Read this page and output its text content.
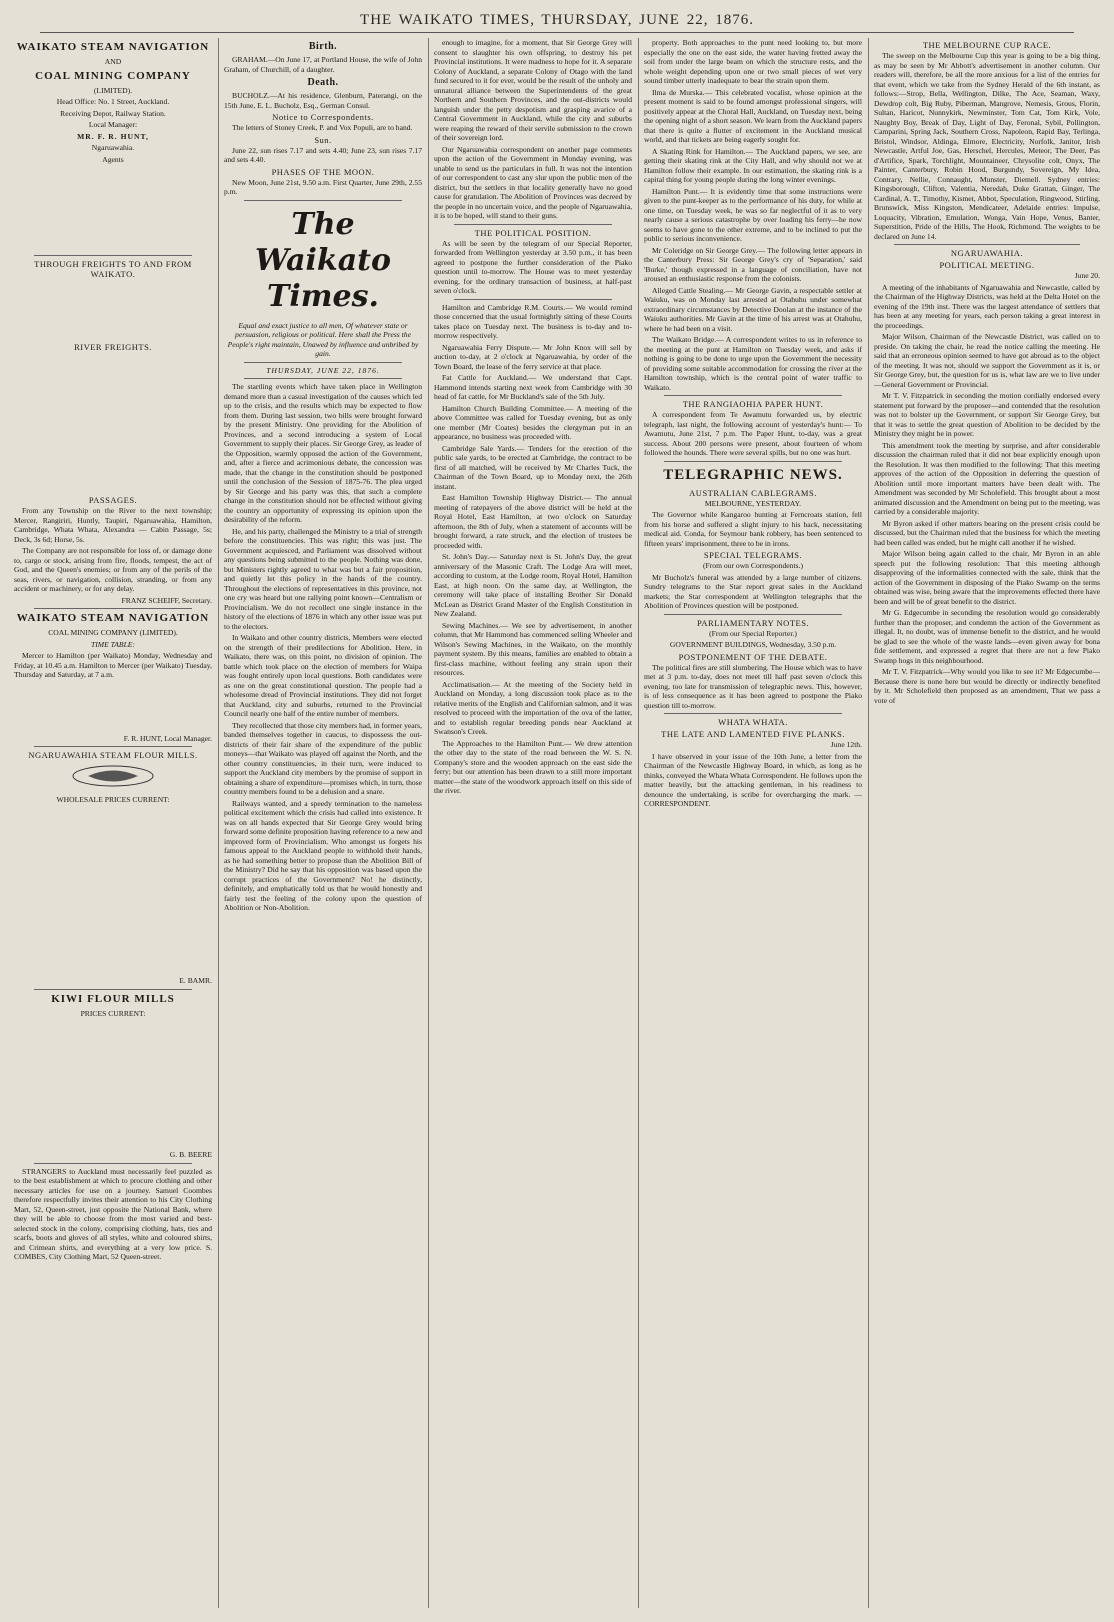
THE WAIKATO TIMES, THURSDAY, JUNE 22, 1876.
WAIKATO STEAM NAVIGATION

AND

COAL MINING COMPANY

(LIMITED).

Head Office: No. 1 Street, Auckland.

Receiving Depot, Railway Station.

Local Manager:

MR. F. R. HUNT,

Ngaruawahia.

Agents

THROUGH FREIGHTS TO AND FROM WAIKATO.
RIVER FREIGHTS.
PASSAGES.

From any Township on the River to the next township; Mercer, Rangiriri, Huntly, Taupiri, Ngaruawahia, Hamilton, Cambridge, Whata Whata, Alexandra — Cabin Passage, 5s; Deck, 3s 6d; Horse, 5s.

The Company are not responsible for loss of, or damage done to, cargo or stock, arising from fire, floods, tempest, the act of God, and the Queen's enemies; or from any of the perils of the seas, rivers, or navigation, collision, stranding, or from any accident or machinery, or for any delay.

FRANZ SCHEIFF, Secretary.

WAIKATO STEAM NAVIGATION

COAL MINING COMPANY (LIMITED).

TIME TABLE:

Mercer to Hamilton (per Waikato) Monday, Wednesday and Friday, at 10.45 a.m. Hamilton to Mercer (per Waikato) Tuesday, Thursday and Saturday, at 7 a.m.

F. R. HUNT, Local Manager.

NGARUAWAHIA STEAM FLOUR MILLS.

WHOLESALE PRICES CURRENT:

E. BAMR.

KIWI FLOUR MILLS

PRICES CURRENT:

G. B. BEERE

STRANGERS to Auckland must necessarily feel puzzled as to the best establishment at which to procure clothing and other necessary articles for use on a journey. Samuel Coombes therefore respectfully invites their attention to his City Clothing Mart, 52, Queen-street, just opposite the National Bank, where they will be able to choose from the most varied and best-selected stock in the colony, comprising clothing, hats, ties and scarfs, boots and gloves of all styles, white and coloured shirts, and Crimean shirts, and everything at a very low price. S. COMBES, City Clothing Mart, 52 Queen-street.

Birth.

GRAHAM.—On June 17, at Portland House, the wife of John Graham, of Churchill, of a daughter.

Death.

BUCHOLZ.—At his residence, Glenburn, Paterangi, on the 15th June, E. L. Bucholz, Esq., German Consul.

Notice to Correspondents.

The letters of Stoney Creek, P. and Vox Populi, are to hand.

Sun.

June 22, sun rises 7.17 and sets 4.40; June 23, sun rises 7.17 and sets 4.40.

PHASES OF THE MOON.

New Moon, June 21st, 9.50 a.m. First Quarter, June 29th, 2.55 p.m.

The Waikato Times.

Equal and exact justice to all men, Of whatever state or persuasion, religious or political. Here shall the Press the People's right maintain, Unawed by influence and unbribed by gain.

THURSDAY, JUNE 22, 1876.

The startling events which have taken place in Wellington demand more than a casual investigation of the causes which led up to the crisis, and the results which may be expected to flow from them. During last session, two bills were brought forward by the present Ministry. One providing for the Abolition of Provinces, and a second introducing a system of Local Government to supply their places. Sir George Grey, as leader of the Opposition, warmly opposed the action of the Government, and, after a fierce and acrimonious debate, the concession was made, that the change in the constitution should be postponed until the conclusion of the Session of 1875-76. The plea urged by Sir George and his party was this, that such a complete change in the constitution should not be effected without giving the country an opportunity of expressing its opinion upon the desirability of the reform.

He, and his party, challenged the Ministry to a trial of strength before the constituencies. This was right; this was just. The Government acquiesced, and Parliament was dissolved without any questions being submitted to the people. Nothing was done, but Ministers rightly agreed to what was but a fair proposition, and quietly let this policy in the hands of the country. Throughout the elections of representatives in this province, not one cry was heard but one rallying point known—Centralism or Provincialism. We do not recollect one single instance in the history of the elections of 1876 in which any other issue was put to the electors.

In Waikato and other country districts, Members were elected on the strength of their predilections for Abolition. Here, in Waikato, there was, on this point, no division of opinion. The battle which took place on the election of members for Waipa was fought entirely upon local questions. Both candidates were as one on the great constitutional question. The people had a wholesome dread of Provincial institutions. They did not forget that Auckland, city and suburbs, returned to the Provincial Council nearly one half of the entire number of members.

They recollected that those city members had, in former years, banded themselves together in caucus, to dispossess the out-districts of their fair share of the expenditure of the public moneys—that Waikato was played off against the North, and the other country constituencies, in their turn, were induced to support the Auckland city members by the promise of support in obtaining a share of expenditure—promises which, in turn, those country members found to be a delusion and a snare.

Railways wanted, and a speedy termination to the nameless political excitement which the crisis had called into existence. It was on all hands expected that Sir George Grey would bring forward some definite proposition having reference to a new and improved form of Provincialism. Who amongst us forgets his famous appeal to the Auckland people to withhold their hands, as he had something better to propose than the Abolition Bill of the Ministry? Did he say that his opposition was based upon the corrupt practices of the Government? No! he distinctly, definitely, and emphatically told us that he would honestly and fairly test the feeling of the colony upon the question of Abolition or Non-Abolition.

enough to imagine, for a moment, that Sir George Grey will consent to slaughter his own offspring, to destroy his pet Provincial institutions. It were madness to hope for it. A separate Colony of Auckland, a separate Colony of Otago with the land fund secured to it for ever, would be the result of the unholy and unnatural alliance between the Superintendents of the great Northern and Southern Provinces, and the out-districts would languish under the petty despotism and grasping avarice of a Central Government in Auckland, while the city and suburbs were reaping the reward of their servile submission to the crown of their sovereign lord.

Our Ngaruawahia correspondent on another page comments upon the action of the Government in Monday evening, was unable to send us the particulars in full. It was not the intention of our correspondent to cast any slur upon the public men of the district, but the settlers in that locality generally have no good cause for gratulation. The Abolition of Provinces was decreed by the people in no uncertain voice, and the people of Ngaruawahia, it is to be hoped, will stand to their guns.

THE POLITICAL POSITION.

As will be seen by the telegram of our Special Reporter, forwarded from Wellington yesterday at 3.50 p.m., it has been agreed to postpone the further consideration of the Piako question until to-morrow. The House was to meet yesterday evening, for the ordinary transaction of business, at half-past seven o'clock.

Hamilton and Cambridge R.M. Courts.— We would remind those concerned that the usual fortnightly sitting of these Courts takes place on Tuesday next. The business is to-day and to-morrow respectively.

Ngaruawahia Ferry Dispute.— Mr John Knox will sell by auction to-day, at 2 o'clock at Ngaruawahia, by order of the Town Board, the lease of the ferry service at that place.

Fat Cattle for Auckland.— We understand that Capt. Hammond intends starting next week from Cambridge with 30 head of fat cattle, for Mr Buckland's sale of the 5th July.

Hamilton Church Building Committee.— A meeting of the above Committee was called for Tuesday evening, but as only one member (Mr Coates) besides the clergyman put in an appearance, no business was proceeded with.

Cambridge Sale Yards.— Tenders for the erection of the public sale yards, to be erected at Cambridge, the contract to be first of all matched, will be received by Mr Charles Tuck, the Chairman of the Town Board, up to Monday next, the 26th instant.

East Hamilton Township Highway District.— The annual meeting of ratepayers of the above district will be held at the Royal Hotel, East Hamilton, at two o'clock on Saturday afternoon, the 8th of July, when a statement of accounts will be brought forward, a rate struck, and the election of trustees be proceeded with.

St. John's Day.— Saturday next is St. John's Day, the great anniversary of the Masonic Craft. The Lodge Ara will meet, according to custom, at the Lodge room, Royal Hotel, Hamilton East, at high noon. On the same day, at Wellington, the ceremony will take place of installing Brother Sir Donald McLean as District Grand Master of the English Constitution in New Zealand.

Sewing Machines.— We see by advertisement, in another column, that Mr Hammond has commenced selling Wheeler and Wilson's Sewing Machines, in the Waikato, on the monthly payment system. By this means, families are enabled to obtain a first-class machine, without feeling any strain upon their resources.

Acclimatisation.— At the meeting of the Society held in Auckland on Monday, a long discussion took place as to the relative merits of the English and Californian salmon, and it was resolved to proceed with the importation of the ova of the latter, and to establish regular breeding ponds near Auckland at Swanson's Creek.

The Approaches to the Hamilton Punt.— We drew attention the other day to the state of the road between the W. S. N. Company's store and the wooden approach on the east side the ferry; but our attention has been drawn to a still more important matter—the state of the woodwork approach itself on this side of the river.

property. Both approaches to the punt need looking to, but more especially the one on the east side, the water having fretted away the soil from under the large beam on which the structure rests, and the whole weight depending upon one or two small pieces of wet very sound timber utterly inadequate to bear the strain upon them.

Ilma de Murska.— This celebrated vocalist, whose opinion at the present moment is said to be found amongst professional singers, will positively appear at the Choral Hall, Auckland, on Tuesday next, being the opening night of a short season. We learn from the Auckland papers that there is quite a flutter of excitement in the Auckland musical world, and that tickets are being eagerly sought for.

A Skating Rink for Hamilton.— The Auckland papers, we see, are getting their skating rink at the City Hall, and why should not we at Hamilton follow their example. In our estimation, the skating rink is a capital thing for young people during the long winter evenings.

Hamilton Punt.— It is evidently time that some instructions were given to the punt-keeper as to the performance of his duty, for while at one time, on Tuesday week, he was so far neglectful of it as to very nearly cause a serious catastrophe by over loading his ferry—he now seems to have gone to the other extreme, and to be inclined to put the public to serious inconvenience.

Mr Coleridge on Sir George Grey.— The following letter appears in the Canterbury Press: Sir George Grey's cry of 'Separation,' said 'Burke,' though expressed in a language of conciliation, have not aroused an enthusiastic response from the colonists.

Alleged Cattle Stealing.— Mr George Gavin, a respectable settler at Waiuku, was on Monday last arrested at Otahuhu under somewhat extraordinary circumstances by Detective Doolan at the instance of the Waiuku authorities. Mr Gavin at the time of his arrest was at Otahuhu, where he had been on a visit.

The Waikato Bridge.— A correspondent writes to us in reference to the meeting at the punt at Hamilton on Tuesday week, and asks if nothing is going to be done to urge upon the Government the necessity of providing some suitable accommodation for crossing the river at the Hamilton township, which is the central point of water traffic to Waikato.

THE RANGIAOHIA PAPER HUNT.

A correspondent from Te Awamutu forwarded us, by electric telegraph, last night, the following account of yesterday's hunt:— To Awamutu, June 21st, 7 p.m. The Paper Hunt, to-day, was a great success. About 200 persons were present, about fourteen of whom followed the hounds. There were several spills, but no one was hurt.

TELEGRAPHIC NEWS.
AUSTRALIAN CABLEGRAMS.

MELBOURNE, YESTERDAY.

The Governor while Kangaroo hunting at Ferncroats station, fell from his horse and suffered a slight injury to his back, necessitating medical aid. Conda, for Seymour bank robbery, has been sentenced to fifteen years' imprisonment, three to be in irons.

SPECIAL TELEGRAMS.

(From our own Correspondents.)

Mr Bucholz's funeral was attended by a large number of citizens. Sundry telegrams to the Star report great sales in the Auckland markets; the Star correspondent at Wellington telegraphs that the Abolition of Provinces question will be postponed.

PARLIAMENTARY NOTES.

(From our Special Reporter.)

GOVERNMENT BUILDINGS, Wednesday, 3.50 p.m.

POSTPONEMENT OF THE DEBATE.

The political fires are still slumbering. The House which was to have met at 3 p.m. to-day, does not meet till half past seven o'clock this evening, too late for transmission of telegraphic news. This, however, is of less consequence as it has been agreed to postpone the Piako question till to-morrow.

WHATA WHATA.
THE LATE AND LAMENTED FIVE PLANKS.

June 12th.

I have observed in your issue of the 10th June, a letter from the Chairman of the Newcastle Highway Board, in which, as long as he thinks, conveyed the Whata Whata Correspondent. He follows upon the matter heavily, but the attacking gentleman, in his readiness to denounce the undertaking, is scribe for overcharging the mark. — CORRESPONDENT.

THE MELBOURNE CUP RACE.

The sweep on the Melbourne Cup this year is going to be a big thing, as may be seen by Mr Abbott's advertisement in another column. Our readers will, therefore, be all the more anxious for a list of the entries for that event, which we take from the Sydney Herald of the 6th instant, as follows:—Strop, Bella, Wellington, Dilke, The Ace, Seaman, Waxy, Dewdrop colt, Big Ruby, Piberman, Mangrove, Nemesis, Grous, Florin, Sultan, Haricot, Nunnykirk, Newminster, Tom Cat, Tom Kirk, Vole, Naughty Boy, Break of Day, Light of Day, Feronal, Sybil, Pollington, Camparini, Spring Jack, Southern Cross, Napoleon, Rapid Bay, Terlinga, Bristol, Windsor, Aldinga, Elmore, Electricity, Norfolk, Janitor, Irish Newcastle, Artful Joe, Gas, Herschel, Hercules, Meteor, The Deer, Pas d'Artifice, Spark, Torchlight, Mountaineer, Chrysolite colt, Onyx, The Painter, Canterbury, Robin Hood, Burgundy, Sovereign, My Idea, Contrary, Nellie, Connaught, Munster, Diemell. Sydney entries: Kingsborough, Clifton, Valentia, Neredah, Duke Grattan, Ginger, The Cardinal, A. T., Timothy, Kismet, Abbot, Speculation, Ringwood, Stirling, Brunswick, Miss Kingston, Mendicateer, Adelaide entries: Impulse, Loquacity, Vibration, Emulation, Wonga, Vain Hope, Venus, Banter, Superstition, Pride of the Hills, The Hook, Richmond. The weights to be declared on June 14.

NGARUAWAHIA.
POLITICAL MEETING.

June 20.

A meeting of the inhabitants of Ngaruawahia and Newcastle, called by the Chairman of the Highway Districts, was held at the Delta Hotel on the evening of the 19th inst. There was the largest attendance of settlers that has been at any meeting for years, each person taking a great interest in the proceedings.

Major Wilson, Chairman of the Newcastle District, was called on to preside. On taking the chair, he read the notice calling the meeting. He said that an erroneous opinion seemed to have got abroad as to the object of the meeting. It was not, should we support the Government as it is, or Sir George Grey, but, the question for us is, what law are we to live under—General Government or Provincial.

Mr T. V. Fitzpatrick in seconding the motion cordially endorsed every statement put forward by the proposer—and contended that the resolution was not to bolster up the Government, or support Sir George Grey, but that it was to settle the great question of Abolition to be decided by the Ministry they might be in power.

This amendment took the meeting by surprise, and after considerable discussion the chairman ruled that it did not bear explicitly enough upon the Resolution. It was then modified to the following: That this meeting approves of the action of the Opposition in deferring the question of Abolition until more important matters have been dealt with. The Amendment was seconded by Mr Scholefield. This brought about a most animated discussion and the Amendment on being put to the meeting, was carried by a considerable majority.

Mr Byron asked if other matters bearing on the present crisis could be discussed, but the Chairman ruled that the business for which the meeting had been called was ended, but he might call another if he wished.

Major Wilson being again called to the chair, Mr Byron in an able speech put the following resolution: That this meeting although disapproving of the informalities connected with the sale, think that the action of the Government in disposing of the Piako Swamp on the terms obtained was wise, being aware that the improvements effected there have been and will be of great benefit to the district.

Mr G. Edgecumbe in seconding the resolution would go considerably further than the proposer, and condemn the action of the Government as illegal. It, no doubt, was of immense benefit to the district, and he would be glad to see the whole of the waste lands—even given away for bona fide settlement, and expressed a regret that there are not a few Piako Swamp hogs in this neighbourhood.

Mr T. V. Fitzpatrick—Why would you like to see it? Mr Edgecumbe—Because there is none here but would be directly or indirectly benefited by it. Mr Scholefield then proposed as an amendment, That we pass a vote of
